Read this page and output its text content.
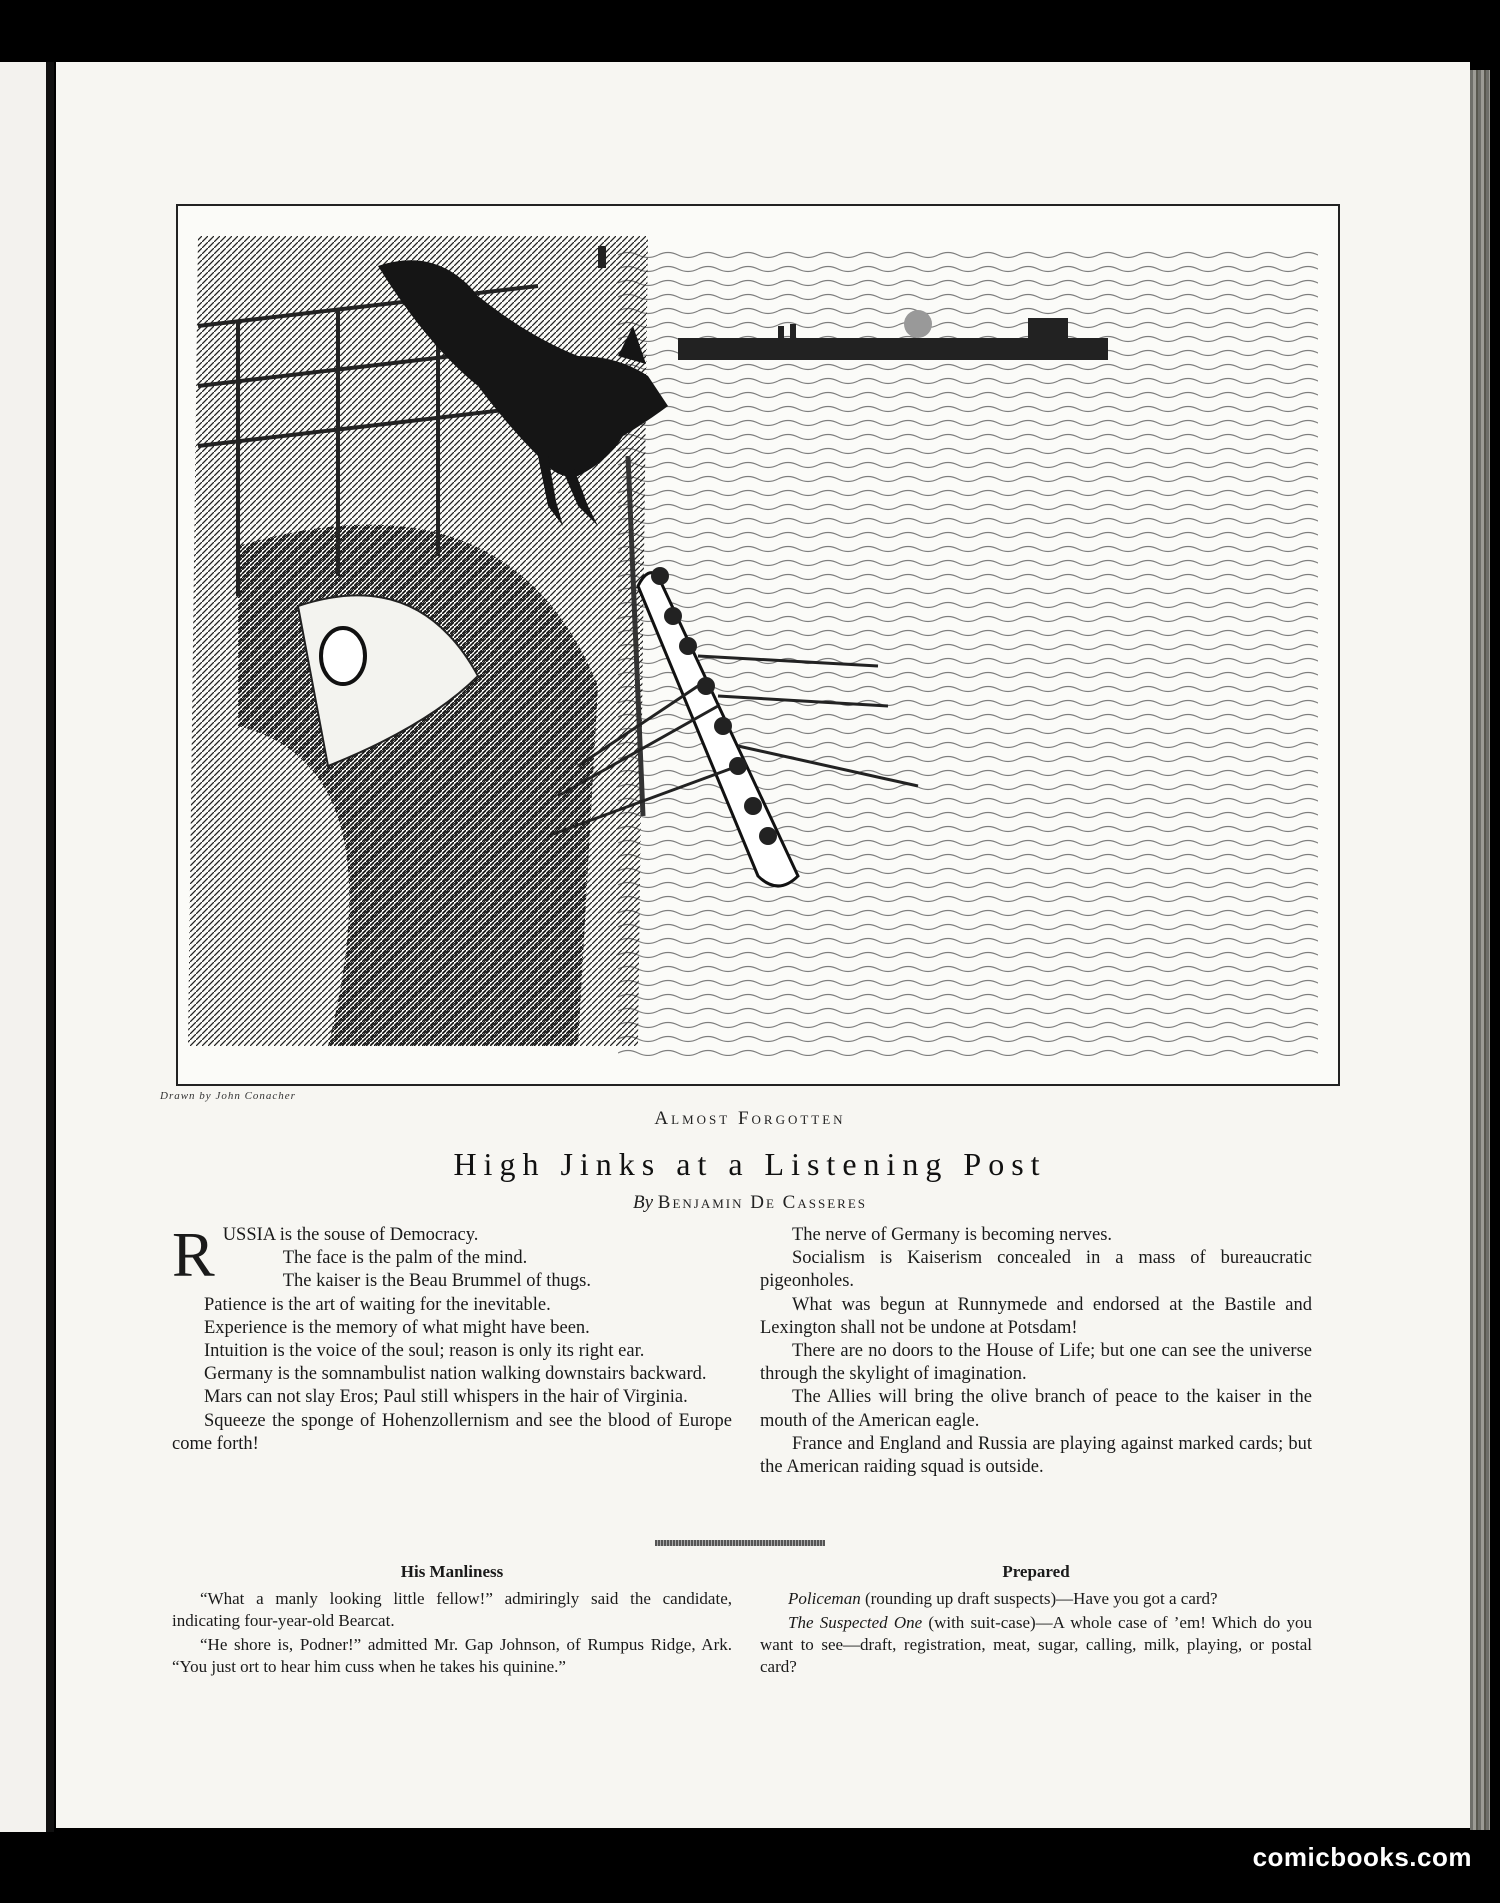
Drawn by John Conacher
Almost Forgotten
High Jinks at a Listening Post
By Benjamin De Casseres

RUSSIA is the souse of Democracy.

The face is the palm of the mind.

The kaiser is the Beau Brummel of thugs.

Patience is the art of waiting for the inevitable.

Experience is the memory of what might have been.

Intuition is the voice of the soul; reason is only its right ear.

Germany is the somnambulist nation walking downstairs backward.

Mars can not slay Eros; Paul still whispers in the hair of Virginia.

Squeeze the sponge of Hohenzollernism and see the blood of Europe come forth!

The nerve of Germany is becoming nerves.

Socialism is Kaiserism concealed in a mass of bureaucratic pigeonholes.

What was begun at Runnymede and endorsed at the Bastile and Lexington shall not be undone at Potsdam!

There are no doors to the House of Life; but one can see the universe through the skylight of imagination.

The Allies will bring the olive branch of peace to the kaiser in the mouth of the American eagle.

France and England and Russia are playing against marked cards; but the American raiding squad is outside.

His Manliness

“What a manly looking little fellow!” admiringly said the candidate, indicating four-year-old Bearcat.

“He shore is, Podner!” admitted Mr. Gap Johnson, of Rumpus Ridge, Ark. “You just ort to hear him cuss when he takes his quinine.”

Prepared

Policeman (rounding up draft suspects)—Have you got a card?

The Suspected One (with suit-case)—A whole case of ’em! Which do you want to see—draft, registration, meat, sugar, calling, milk, playing, or postal card?

comicbooks.com
